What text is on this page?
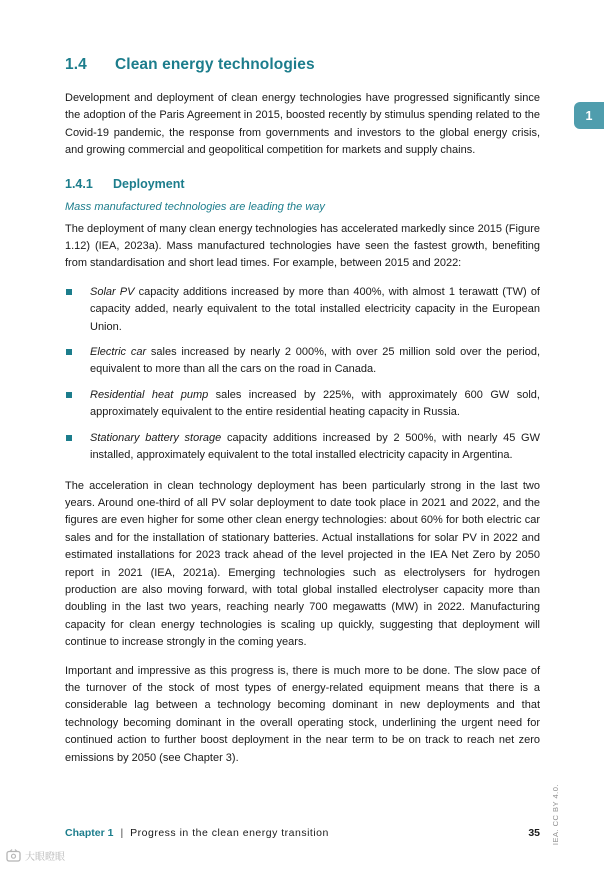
1
1.4	Clean energy technologies

Development and deployment of clean energy technologies have progressed significantly since the adoption of the Paris Agreement in 2015, boosted recently by stimulus spending related to the Covid-19 pandemic, the response from governments and investors to the global energy crisis, and growing commercial and geopolitical competition for markets and supply chains.

1.4.1	Deployment
Mass manufactured technologies are leading the way

The deployment of many clean energy technologies has accelerated markedly since 2015 (Figure 1.12) (IEA, 2023a). Mass manufactured technologies have seen the fastest growth, benefiting from standardisation and short lead times. For example, between 2015 and 2022:

Solar PV capacity additions increased by more than 400%, with almost 1 terawatt (TW) of capacity added, nearly equivalent to the total installed electricity capacity in the European Union.
Electric car sales increased by nearly 2 000%, with over 25 million sold over the period, equivalent to more than all the cars on the road in Canada.
Residential heat pump sales increased by 225%, with approximately 600 GW sold, approximately equivalent to the entire residential heating capacity in Russia.
Stationary battery storage capacity additions increased by 2 500%, with nearly 45 GW installed, approximately equivalent to the total installed electricity capacity in Argentina.

The acceleration in clean technology deployment has been particularly strong in the last two years. Around one-third of all PV solar deployment to date took place in 2021 and 2022, and the figures are even higher for some other clean energy technologies: about 60% for both electric car sales and for the installation of stationary batteries. Actual installations for solar PV in 2022 and estimated installations for 2023 track ahead of the level projected in the IEA Net Zero by 2050 report in 2021 (IEA, 2021a). Emerging technologies such as electrolysers for hydrogen production are also moving forward, with total global installed electrolyser capacity more than doubling in the last two years, reaching nearly 700 megawatts (MW) in 2022. Manufacturing capacity for clean energy technologies is scaling up quickly, suggesting that deployment will continue to increase strongly in the coming years.

Important and impressive as this progress is, there is much more to be done. The slow pace of the turnover of the stock of most types of energy-related equipment means that there is a considerable lag between a technology becoming dominant in new deployments and that technology becoming dominant in the overall operating stock, underlining the urgent need for continued action to further boost deployment in the near term to be on track to reach net zero emissions by 2050 (see Chapter 3).

Chapter 1 | Progress in the clean energy transition	35 IEA. CC BY 4.0.
大眼瞪眼
